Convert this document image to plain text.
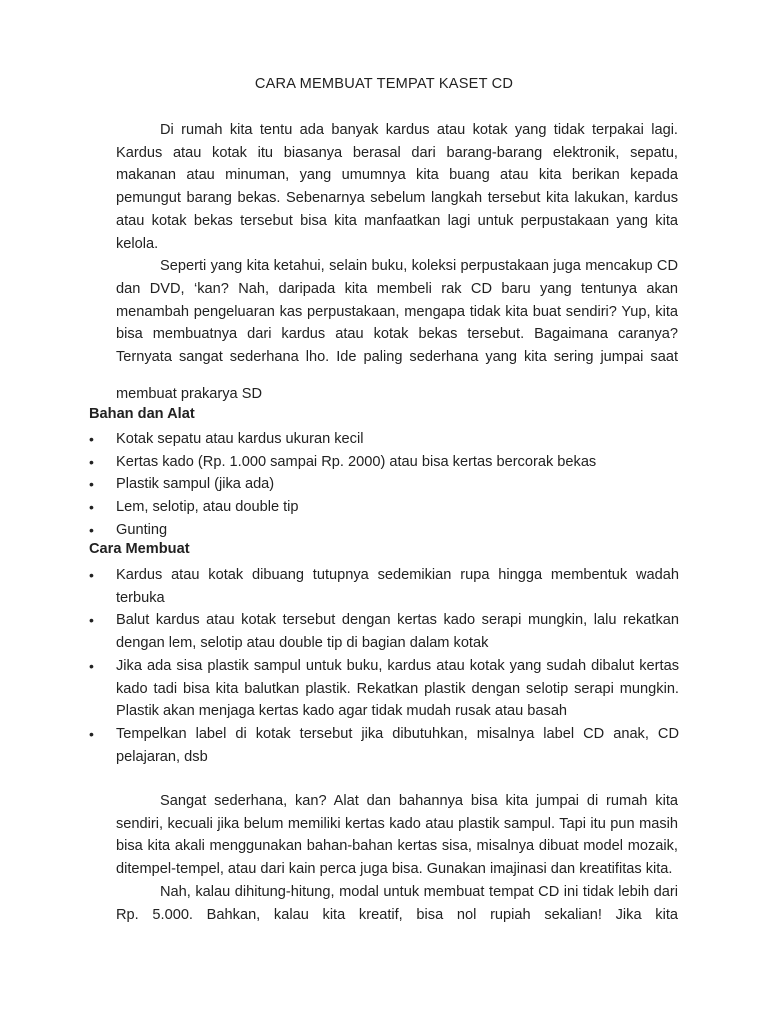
CARA MEMBUAT TEMPAT KASET CD

Di rumah kita tentu ada banyak kardus atau kotak yang tidak terpakai lagi. Kardus atau kotak itu biasanya berasal dari barang-barang elektronik, sepatu, makanan atau minuman, yang umumnya kita buang atau kita berikan kepada pemungut barang bekas. Sebenarnya sebelum langkah tersebut kita lakukan, kardus atau kotak bekas tersebut bisa kita manfaatkan lagi untuk perpustakaan yang kita kelola.

Seperti yang kita ketahui, selain buku, koleksi perpustakaan juga mencakup CD dan DVD, ‘kan? Nah, daripada kita membeli rak CD baru yang tentunya akan menambah pengeluaran kas perpustakaan, mengapa tidak kita buat sendiri? Yup, kita bisa membuatnya dari kardus atau kotak bekas tersebut. Bagaimana caranya? Ternyata sangat sederhana lho. Ide paling sederhana yang kita sering jumpai saat

membuat prakarya SD
Bahan dan Alat
•	Kotak sepatu atau kardus ukuran kecil
•	Kertas kado (Rp. 1.000 sampai Rp. 2000) atau bisa kertas bercorak bekas
•	Plastik sampul (jika ada)
•	Lem, selotip, atau double tip
•	Gunting
Cara Membuat
•	Kardus atau kotak dibuang tutupnya sedemikian rupa hingga membentuk wadah terbuka
•	Balut kardus atau kotak tersebut dengan kertas kado serapi mungkin, lalu rekatkan dengan lem, selotip atau double tip di bagian dalam kotak
•	Jika ada sisa plastik sampul untuk buku, kardus atau kotak yang sudah dibalut kertas kado tadi bisa kita balutkan plastik. Rekatkan plastik dengan selotip serapi mungkin. Plastik akan menjaga kertas kado agar tidak mudah rusak atau basah
•	Tempelkan label di kotak tersebut jika dibutuhkan, misalnya label CD anak, CD pelajaran, dsb

Sangat sederhana, kan? Alat dan bahannya bisa kita jumpai di rumah kita sendiri, kecuali jika belum memiliki kertas kado atau plastik sampul. Tapi itu pun masih bisa kita akali menggunakan bahan-bahan kertas sisa, misalnya dibuat model mozaik, ditempel-tempel, atau dari kain perca juga bisa. Gunakan imajinasi dan kreatifitas kita.

Nah, kalau dihitung-hitung, modal untuk membuat tempat CD ini tidak lebih dari Rp. 5.000. Bahkan, kalau kita kreatif, bisa nol rupiah sekalian! Jika kita
